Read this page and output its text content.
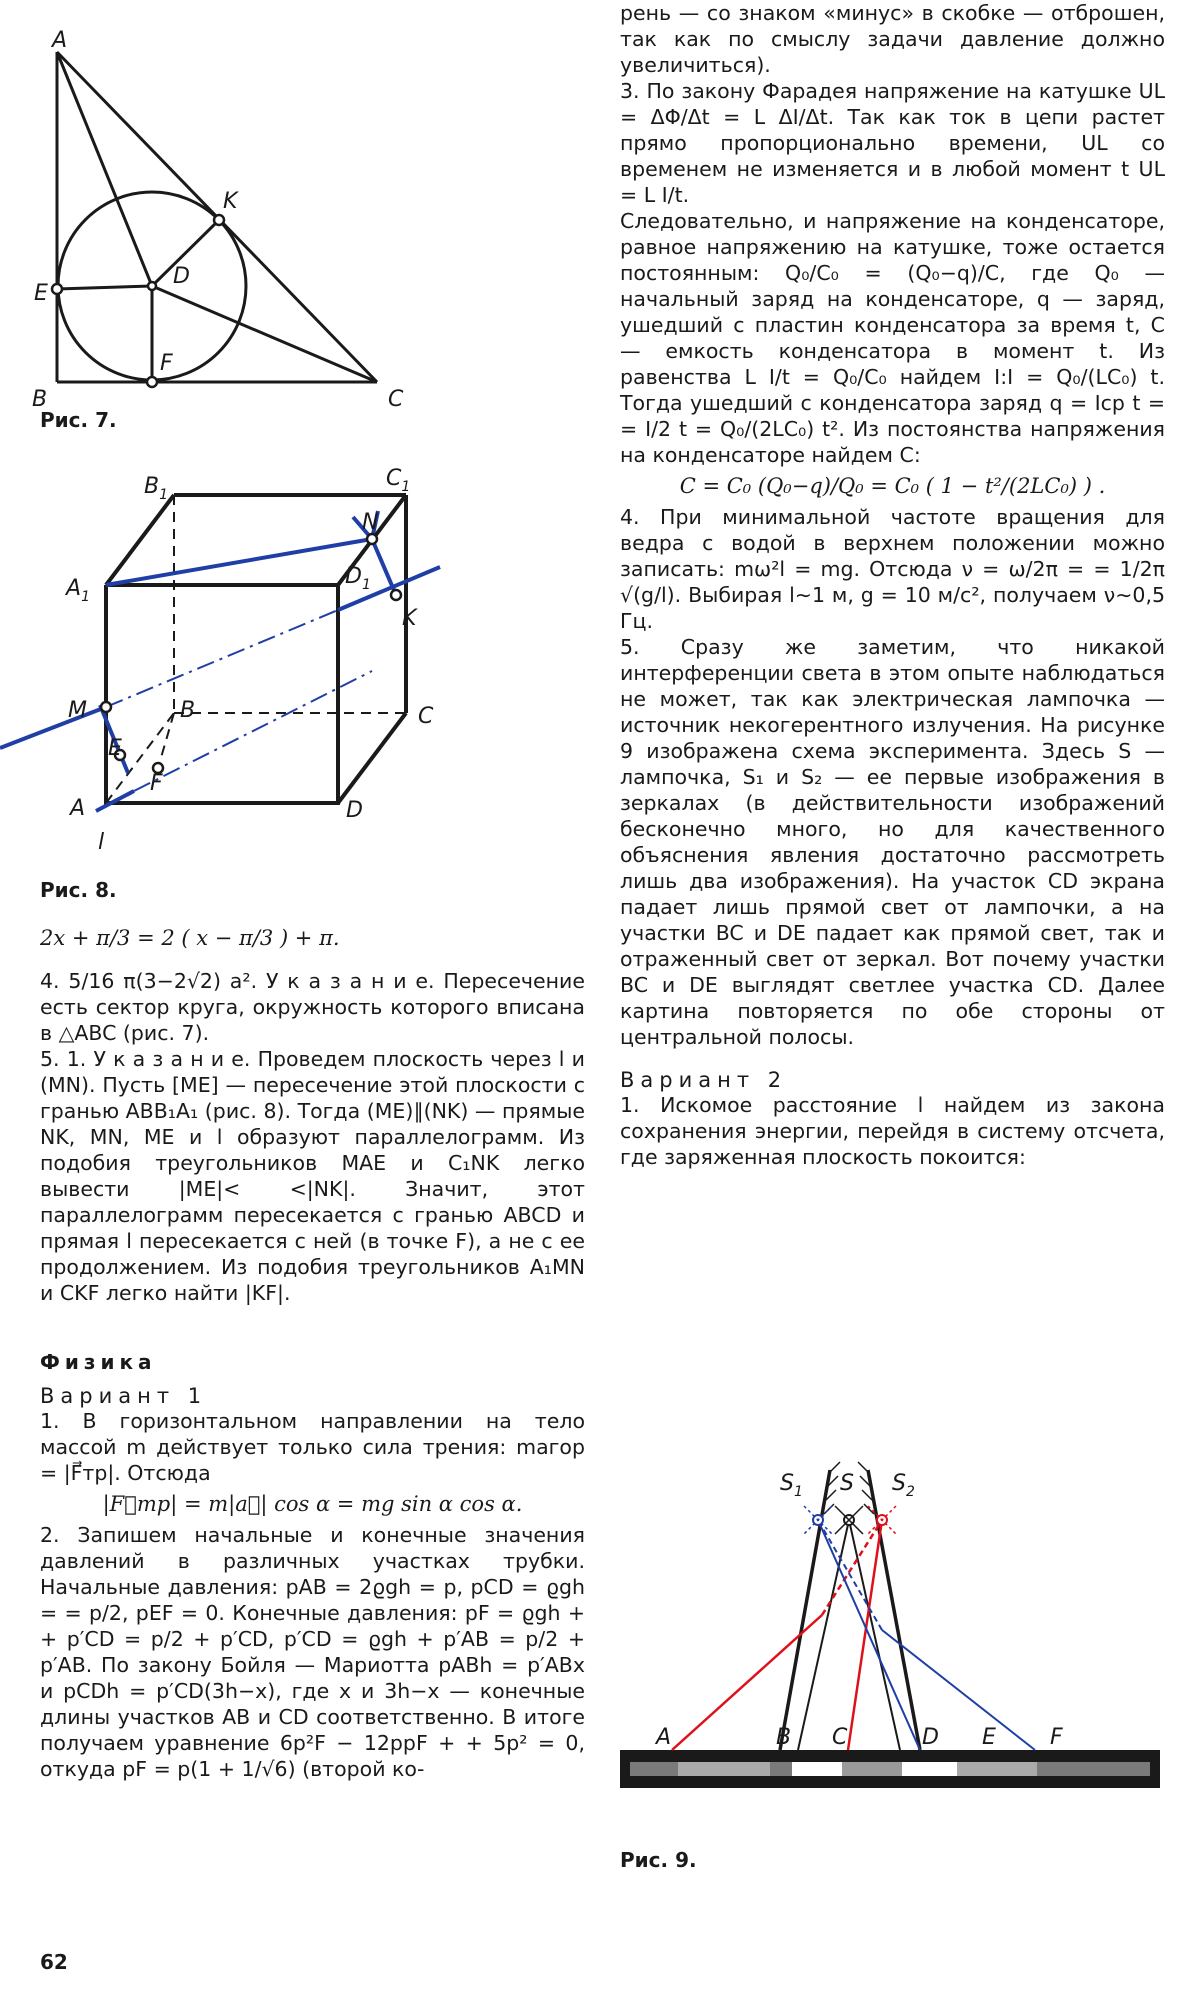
A
E
D
K
F
B	C

Рис. 7.

$B_1$
$C_1$
N
$A_1$
$D_1$
K
M	B	C
E
F
A	D
l

Рис. 8.

2x + π/3 = 2 ( x − π/3 ) + π.

4. 5/16 π(3−2√2) a². У к а з а н и е. Пересечение есть сектор круга, окружность которого вписана в △ABC (рис. 7).

5. 1. У к а з а н и е. Проведем плоскость через l и (MN). Пусть [ME] — пересечение этой плоскости с гранью ABB₁A₁ (рис. 8). Тогда (ME)∥(NK) — прямые NK, MN, ME и l образуют параллелограмм. Из подобия треугольников MAE и C₁NK легко вывести |ME|< <|NK|. Значит, этот параллелограмм пересекается с гранью ABCD и прямая l пересекается с ней (в точке F), а не с ее продолжением. Из подобия треугольников A₁MN и CKF легко найти |KF|.

Физика

Вариант 1

1. В горизонтальном направлении на тело массой m действует только сила трения: maгор = |F⃗тр|. Отсюда

|F⃗тр| = m|a⃗| cos α = mg sin α cos α.

2. Запишем начальные и конечные значения давлений в различных участках трубки. Начальные давления: pAB = 2ϱgh = p, pCD = ϱgh = = p/2, pEF = 0. Конечные давления: pF = ϱgh + + p′CD = p/2 + p′CD, p′CD = ϱgh + p′AB = p/2 + p′AB. По закону Бойля — Мариотта pABh = p′ABx и pCDh = p′CD(3h−x), где x и 3h−x — конечные длины участков AB и CD соответственно. В итоге получаем уравнение 6p²F − 12ppF + + 5p² = 0, откуда pF = p(1 + 1/√6) (второй ко-

рень — со знаком «минус» в скобке — отброшен, так как по смыслу задачи давление должно увеличиться).

3. По закону Фарадея напряжение на катушке UL = ΔΦ/Δt = L ΔI/Δt. Так как ток в цепи растет прямо пропорционально времени, UL со временем не изменяется и в любой момент t UL = L I/t.

Следовательно, и напряжение на конденсаторе, равное напряжению на катушке, тоже остается постоянным: Q₀/C₀ = (Q₀−q)/C, где Q₀ — начальный заряд на конденсаторе, q — заряд, ушедший с пластин конденсатора за время t, C — емкость конденсатора в момент t. Из равенства L I/t = Q₀/C₀ найдем I:I = Q₀/(LC₀) t. Тогда ушедший с конденсатора заряд q = Iср t = = I/2 t = Q₀/(2LC₀) t². Из постоянства напряжения на конденсаторе найдем C:

C = C₀ (Q₀−q)/Q₀ = C₀ ( 1 − t²/(2LC₀) ) .

4. При минимальной частоте вращения для ведра с водой в верхнем положении можно записать: mω²l = mg. Отсюда ν = ω/2π = = 1/2π √(g/l). Выбирая l∼1 м, g = 10 м/с², получаем ν∼0,5 Гц.

5. Сразу же заметим, что никакой интерференции света в этом опыте наблюдаться не может, так как электрическая лампочка — источник некогерентного излучения. На рисунке 9 изображена схема эксперимента. Здесь S — лампочка, S₁ и S₂ — ее первые изображения в зеркалах (в действительности изображений бесконечно много, но для качественного объяснения явления достаточно рассмотреть лишь два изображения). На участок CD экрана падает лишь прямой свет от лампочки, а на участки BC и DE падает как прямой свет, так и отраженный свет от зеркал. Вот почему участки BC и DE выглядят светлее участка CD. Далее картина повторяется по обе стороны от центральной полосы.

Вариант 2

1. Искомое расстояние l найдем из закона сохранения энергии, перейдя в систему отсчета, где заряженная плоскость покоится:

$S_1$ S $S_2$
A	B C	D E F

Рис. 9.

62
